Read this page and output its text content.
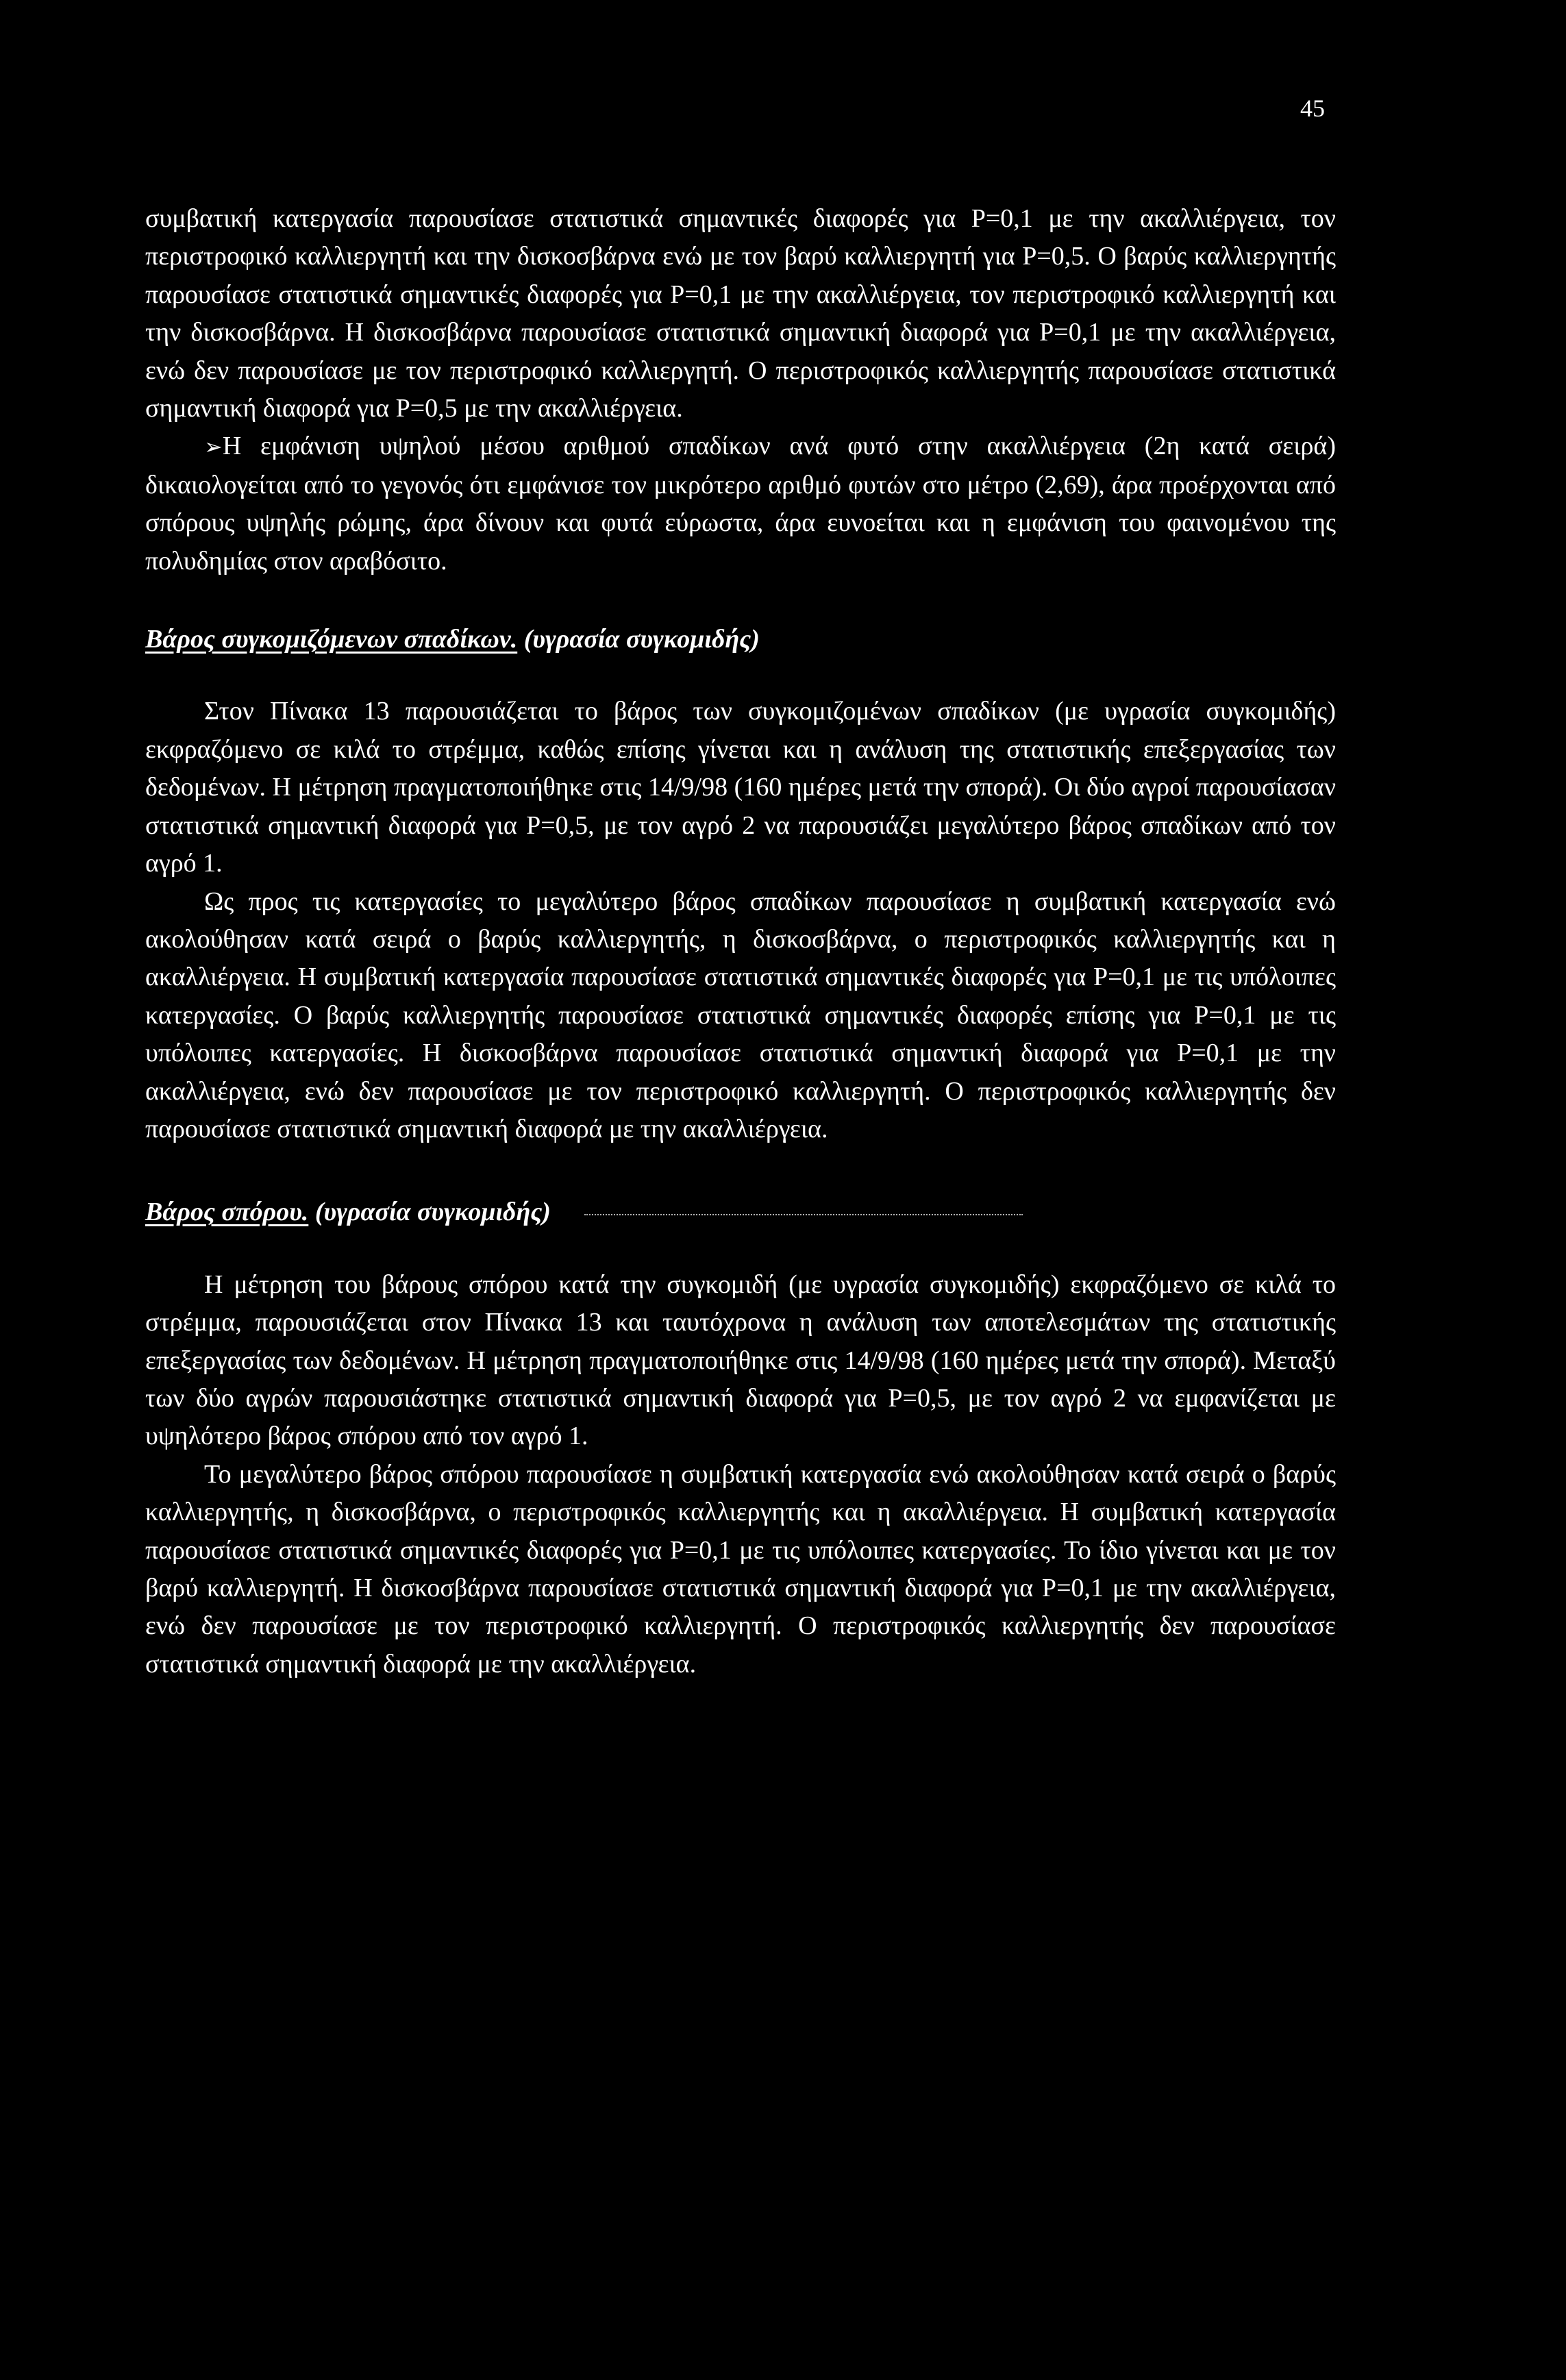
45

συμβατική κατεργασία παρουσίασε στατιστικά σημαντικές διαφορές για Ρ=0,1 με την ακαλλιέργεια, τον περιστροφικό καλλιεργητή και την δισκοσβάρνα ενώ με τον βαρύ καλλιεργητή για Ρ=0,5. Ο βαρύς καλλιεργητής παρουσίασε στατιστικά σημαντικές διαφορές για Ρ=0,1 με την ακαλλιέργεια, τον περιστροφικό καλλιεργητή και την δισκοσβάρνα. Η δισκοσβάρνα παρουσίασε στατιστικά σημαντική διαφορά για Ρ=0,1 με την ακαλλιέργεια, ενώ δεν παρουσίασε με τον περιστροφικό καλλιεργητή. Ο περιστροφικός καλλιεργητής παρουσίασε στατιστικά σημαντική διαφορά για Ρ=0,5 με την ακαλλιέργεια.

➢Η εμφάνιση υψηλού μέσου αριθμού σπαδίκων ανά φυτό στην ακαλλιέργεια (2η κατά σειρά) δικαιολογείται από το γεγονός ότι εμφάνισε τον μικρότερο αριθμό φυτών στο μέτρο (2,69), άρα προέρχονται από σπόρους υψηλής ρώμης, άρα δίνουν και φυτά εύρωστα, άρα ευνοείται και η εμφάνιση του φαινομένου της πολυδημίας στον αραβόσιτο.

Βάρος συγκομιζόμενων σπαδίκων. (υγρασία συγκομιδής)

Στον Πίνακα 13 παρουσιάζεται το βάρος των συγκομιζομένων σπαδίκων (με υγρασία συγκομιδής) εκφραζόμενο σε κιλά το στρέμμα, καθώς επίσης γίνεται και η ανάλυση της στατιστικής επεξεργασίας των δεδομένων. Η μέτρηση πραγματοποιήθηκε στις 14/9/98 (160 ημέρες μετά την σπορά). Οι δύο αγροί παρουσίασαν στατιστικά σημαντική διαφορά για Ρ=0,5, με τον αγρό 2 να παρουσιάζει μεγαλύτερο βάρος σπαδίκων από τον αγρό 1.

Ως προς τις κατεργασίες το μεγαλύτερο βάρος σπαδίκων παρουσίασε η συμβατική κατεργασία ενώ ακολούθησαν κατά σειρά ο βαρύς καλλιεργητής, η δισκοσβάρνα, ο περιστροφικός καλλιεργητής και η ακαλλιέργεια. Η συμβατική κατεργασία παρουσίασε στατιστικά σημαντικές διαφορές για Ρ=0,1 με τις υπόλοιπες κατεργασίες. Ο βαρύς καλλιεργητής παρουσίασε στατιστικά σημαντικές διαφορές επίσης για Ρ=0,1 με τις υπόλοιπες κατεργασίες. Η δισκοσβάρνα παρουσίασε στατιστικά σημαντική διαφορά για Ρ=0,1 με την ακαλλιέργεια, ενώ δεν παρουσίασε με τον περιστροφικό καλλιεργητή. Ο περιστροφικός καλλιεργητής δεν παρουσίασε στατιστικά σημαντική διαφορά με την ακαλλιέργεια.

Βάρος σπόρου. (υγρασία συγκομιδής)

Η μέτρηση του βάρους σπόρου κατά την συγκομιδή (με υγρασία συγκομιδής) εκφραζόμενο σε κιλά το στρέμμα, παρουσιάζεται στον Πίνακα 13 και ταυτόχρονα η ανάλυση των αποτελεσμάτων της στατιστικής επεξεργασίας των δεδομένων. Η μέτρηση πραγματοποιήθηκε στις 14/9/98 (160 ημέρες μετά την σπορά). Μεταξύ των δύο αγρών παρουσιάστηκε στατιστικά σημαντική διαφορά για Ρ=0,5, με τον αγρό 2 να εμφανίζεται με υψηλότερο βάρος σπόρου από τον αγρό 1.

Το μεγαλύτερο βάρος σπόρου παρουσίασε η συμβατική κατεργασία ενώ ακολούθησαν κατά σειρά ο βαρύς καλλιεργητής, η δισκοσβάρνα, ο περιστροφικός καλλιεργητής και η ακαλλιέργεια. Η συμβατική κατεργασία παρουσίασε στατιστικά σημαντικές διαφορές για Ρ=0,1 με τις υπόλοιπες κατεργασίες. Το ίδιο γίνεται και με τον βαρύ καλλιεργητή. Η δισκοσβάρνα παρουσίασε στατιστικά σημαντική διαφορά για Ρ=0,1 με την ακαλλιέργεια, ενώ δεν παρουσίασε με τον περιστροφικό καλλιεργητή. Ο περιστροφικός καλλιεργητής δεν παρουσίασε στατιστικά σημαντική διαφορά με την ακαλλιέργεια.
